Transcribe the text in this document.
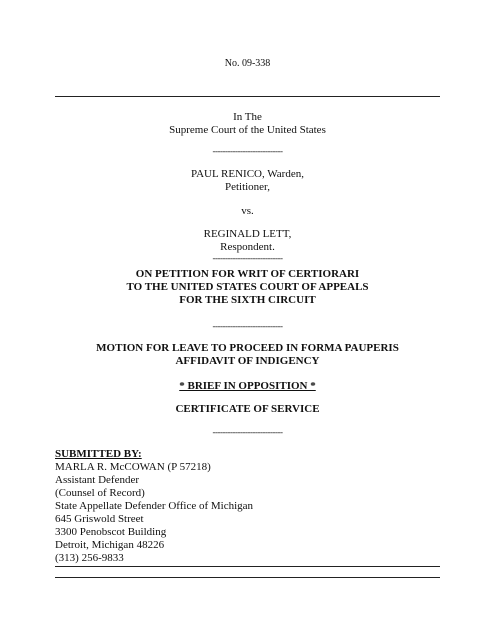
No. 09-338
In The
Supreme Court of the United States
----------------------------
PAUL RENICO, Warden,
Petitioner,
vs.
REGINALD LETT,
Respondent.
----------------------------
ON PETITION FOR WRIT OF CERTIORARI
TO THE UNITED STATES COURT OF APPEALS
FOR THE SIXTH CIRCUIT
----------------------------
MOTION FOR LEAVE TO PROCEED IN FORMA PAUPERIS
AFFIDAVIT OF INDIGENCY
* BRIEF IN OPPOSITION *
CERTIFICATE OF SERVICE
----------------------------
SUBMITTED BY:
MARLA R. McCOWAN (P 57218)
Assistant Defender
(Counsel of Record)
State Appellate Defender Office of Michigan
645 Griswold Street
3300 Penobscot Building
Detroit, Michigan 48226
(313) 256-9833
